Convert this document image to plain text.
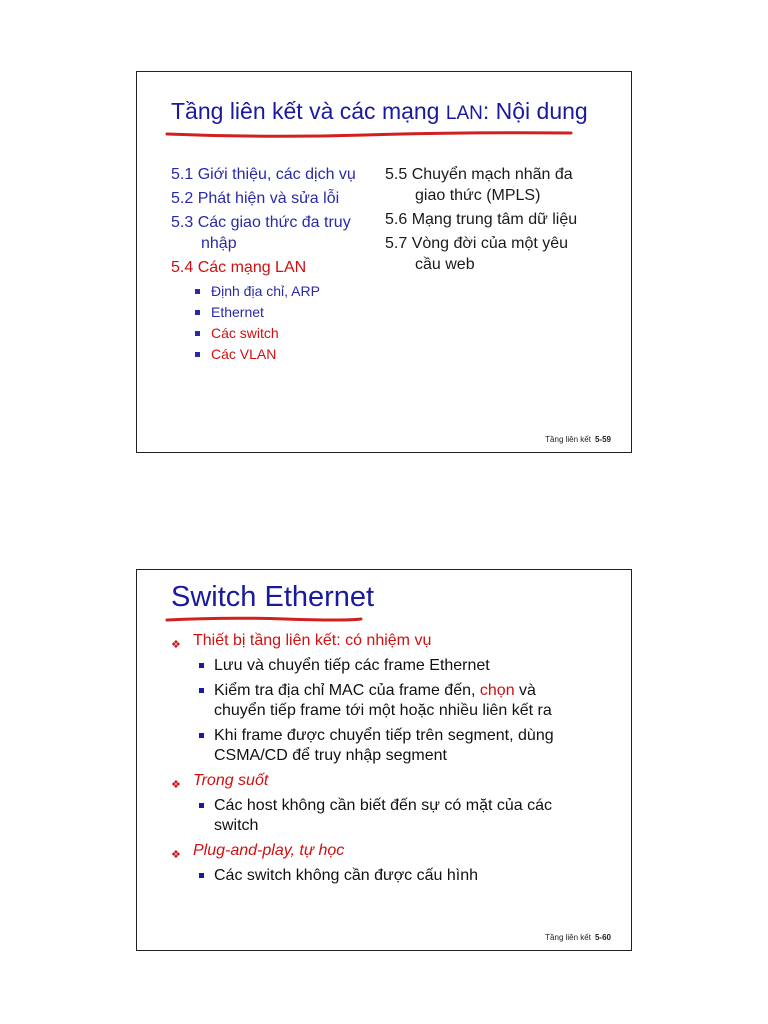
Tầng liên kết và các mạng LAN: Nội dung
5.1 Giới thiệu, các dịch vụ
5.2 Phát hiện và sửa lỗi
5.3 Các giao thức đa truy
nhập
5.4 Các mạng LAN
Định địa chỉ, ARP
Ethernet
Các switch
Các VLAN
5.5 Chuyển mạch nhãn đa
giao thức (MPLS)
5.6 Mạng trung tâm dữ liệu
5.7 Vòng đời của một yêu
cầu web
Tầng liên kết 5-59
Switch Ethernet
❖ Thiết bị tầng liên kết: có nhiệm vụ
Lưu và chuyển tiếp các frame Ethernet
Kiểm tra địa chỉ MAC của frame đến, chọn và chuyển tiếp frame tới một hoặc nhiều liên kết ra
Khi frame được chuyển tiếp trên segment, dùng CSMA/CD để truy nhập segment
❖ Trong suốt
Các host không cần biết đến sự có mặt của các switch
❖ Plug-and-play, tự học
Các switch không cần được cấu hình
Tầng liên kết 5-60
